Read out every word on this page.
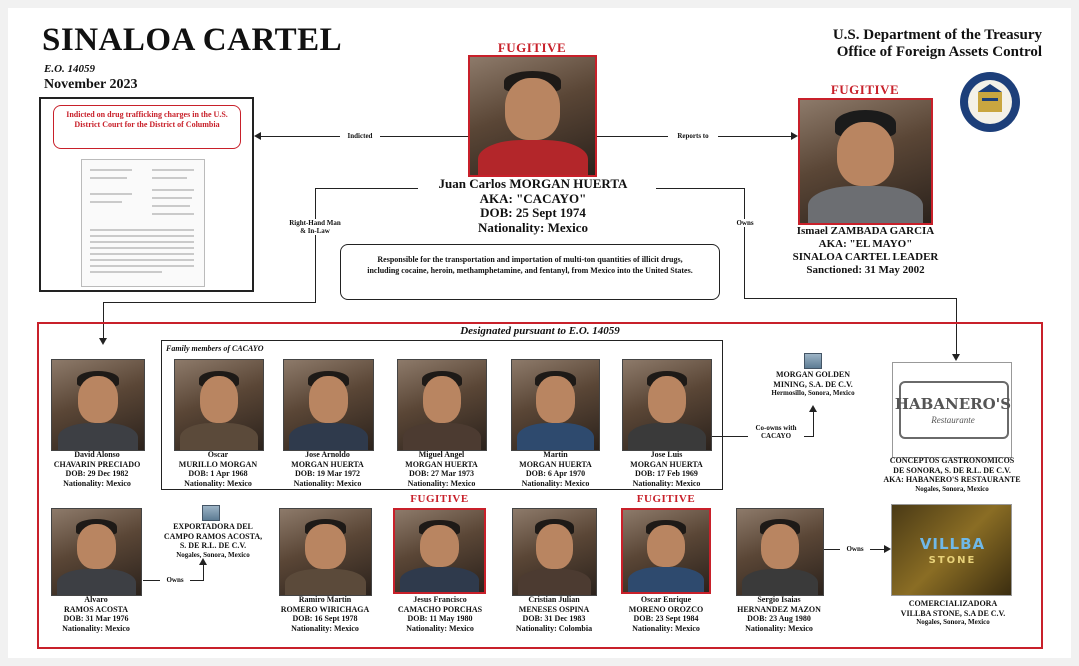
SINALOA CARTEL
E.O. 14059
November 2023
U.S. Department of the Treasury
Office of Foreign Assets Control
Indicted on drug trafficking charges in the U.S. District Court for the District of Columbia
FUGITIVE
Juan Carlos MORGAN HUERTA
AKA: "CACAYO"
DOB: 25 Sept 1974
Nationality: Mexico
Responsible for the transportation and importation of multi-ton quantities of illicit drugs, including cocaine, heroin, methamphetamine, and fentanyl, from Mexico into the United States.
FUGITIVE
Ismael ZAMBADA GARCIA
AKA: "EL MAYO"
SINALOA CARTEL LEADER
Sanctioned: 31 May 2002
Indicted	Reports to
Right-Hand Man
& In-Law
Owns
Designated pursuant to E.O. 14059
Family members of CACAYO
MORGAN GOLDEN
MINING, S.A. DE C.V.
Hermosillo, Sonora, Mexico
Co-owns with
CACAYO
HABANERO'S
Restaurante
CONCEPTOS GASTRONOMICOS
DE SONORA, S. DE R.L. DE C.V.
AKA: HABANERO'S RESTAURANTE
Nogales, Sonora, Mexico
EXPORTADORA DEL
CAMPO RAMOS ACOSTA,
S. DE R.L. DE C.V.
Nogales, Sonora, Mexico
Owns
VILLBA
STONE
COMERCIALIZADORA
VILLBA STONE, S.A DE C.V.
Nogales, Sonora, Mexico
Owns
David Alonso
CHAVARIN PRECIADO
DOB: 29 Dec 1982
Nationality: Mexico
Oscar
MURILLO MORGAN
DOB: 1 Apr 1968
Nationality: Mexico
Jose Arnoldo
MORGAN HUERTA
DOB: 19 Mar 1972
Nationality: Mexico
Miguel Angel
MORGAN HUERTA
DOB: 27 Mar 1973
Nationality: Mexico
Martin
MORGAN HUERTA
DOB: 6 Apr 1970
Nationality: Mexico
Jose Luis
MORGAN HUERTA
DOB: 17 Feb 1969
Nationality: Mexico
Alvaro
RAMOS ACOSTA
DOB: 31 Mar 1976
Nationality: Mexico
Ramiro Martin
ROMERO WIRICHAGA
DOB: 16 Sept 1978
Nationality: Mexico
FUGITIVE
Jesus Francisco
CAMACHO PORCHAS
DOB: 11 May 1980
Nationality: Mexico
Cristian Julian
MENESES OSPINA
DOB: 31 Dec 1983
Nationality: Colombia
FUGITIVE
Oscar Enrique
MORENO OROZCO
DOB: 23 Sept 1984
Nationality: Mexico
Sergio Isaias
HERNANDEZ MAZON
DOB: 23 Aug 1980
Nationality: Mexico
